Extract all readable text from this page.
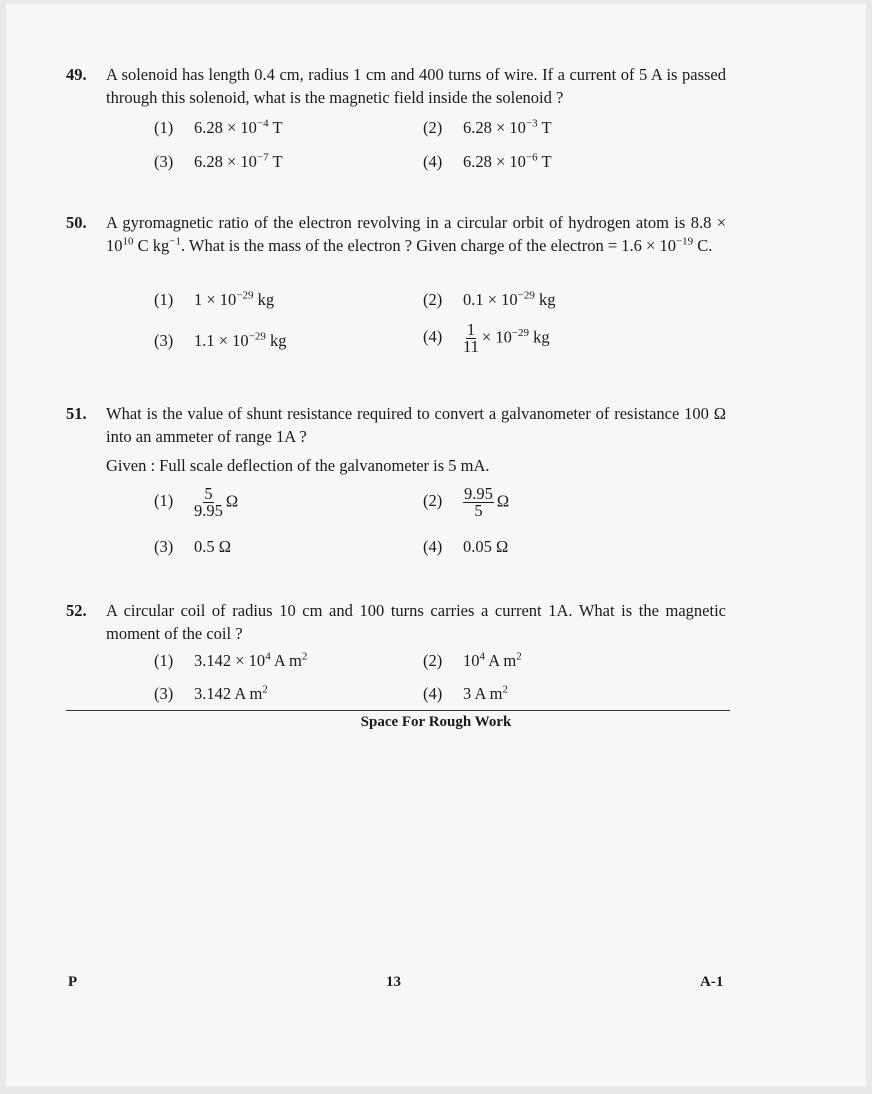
49. A solenoid has length 0.4 cm, radius 1 cm and 400 turns of wire. If a current of 5 A is passed through this solenoid, what is the magnetic field inside the solenoid ?
(1) $6.28 \times 10^{-4}$ T	(2) $6.28 \times 10^{-3}$ T
(3) $6.28 \times 10^{-7}$ T	(4) $6.28 \times 10^{-6}$ T
50. A gyromagnetic ratio of the electron revolving in a circular orbit of hydrogen atom is $8.8 \times 10^{10}$ C $kg^{-1}$. What is the mass of the electron ? Given charge of the electron = $1.6 \times 10^{-19}$ C.
(1) $1 \times 10^{-29}$ kg	(2) $0.1 \times 10^{-29}$ kg
(3) $1.1 \times 10^{-29}$ kg	$(4) \frac{1}{11} \times 10^{-29}$ kg
51. What is the value of shunt resistance required to convert a galvanometer of resistance 100 Ω into an ammeter of range 1A ?
Given : Full scale deflection of the galvanometer is 5 mA.
$(1) \frac{5}{9.95}$ Ω	$(2) \frac{9.95}{5}$ Ω
(3) 0.5 Ω	(4) 0.05 Ω
52. A circular coil of radius 10 cm and 100 turns carries a current 1A. What is the magnetic moment of the coil ?
(1) $3.142 \times 10^4$ A $m^2$	(2) $10^4$ A $m^2$
(3) 3.142 A $m^2$	(4) 3 A $m^2$
Space For Rough Work
P	13	A-1
